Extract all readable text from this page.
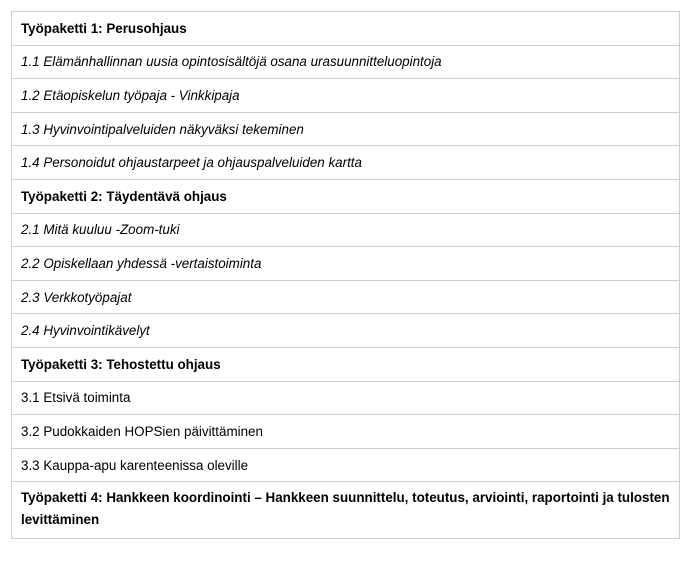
Työpaketti 1: Perusohjaus
1.1 Elämänhallinnan uusia opintosisältöjä osana urasuunnitteluopintoja
1.2 Etäopiskelun työpaja - Vinkkipaja
1.3 Hyvinvointipalveluiden näkyväksi tekeminen
1.4 Personoidut ohjaustarpeet ja ohjauspalveluiden kartta
Työpaketti 2: Täydentävä ohjaus
2.1 Mitä kuuluu -Zoom-tuki
2.2 Opiskellaan yhdessä -vertaistoiminta
2.3 Verkkotyöpajat
2.4 Hyvinvointikävelyt
Työpaketti 3: Tehostettu ohjaus
3.1 Etsivä toiminta
3.2 Pudokkaiden HOPSien päivittäminen
3.3 Kauppa-apu karenteenissa oleville
Työpaketti 4: Hankkeen koordinointi – Hankkeen suunnittelu, toteutus, arviointi, raportointi ja tulosten levittäminen
